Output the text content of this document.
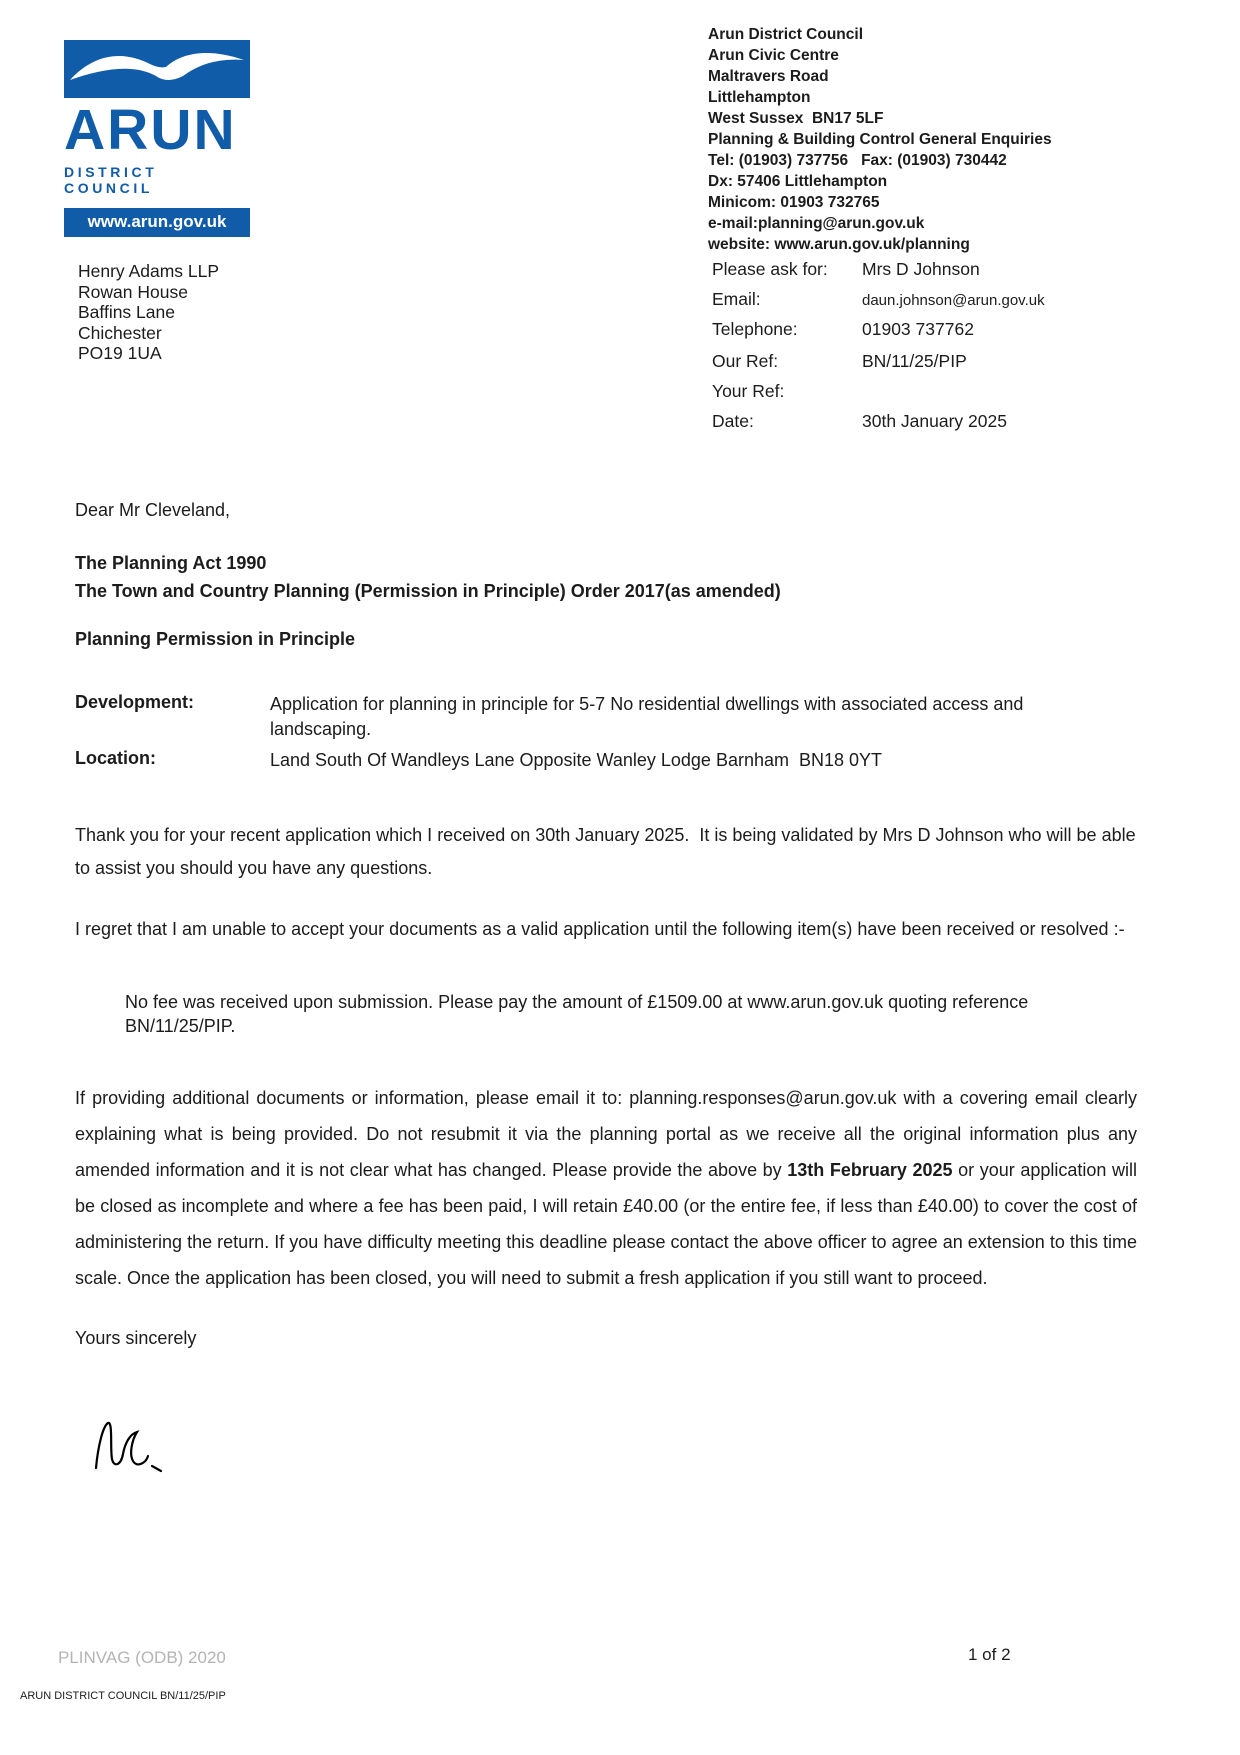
ARUN
DISTRICT COUNCIL
www.arun.gov.uk
Arun District Council
Arun Civic Centre
Maltravers Road
Littlehampton
West Sussex  BN17 5LF
Planning & Building Control General Enquiries
Tel: (01903) 737756   Fax: (01903) 730442
Dx: 57406 Littlehampton
Minicom: 01903 732765
e-mail:planning@arun.gov.uk
website: www.arun.gov.uk/planning
Henry Adams LLP
Rowan House
Baffins Lane
Chichester
PO19 1UA
Please ask for:	Mrs D Johnson
Email:	daun.johnson@arun.gov.uk
Telephone:	01903 737762
Our Ref:	BN/11/25/PIP
Your Ref:
Date:	30th January 2025
Dear Mr Cleveland,
The Planning Act 1990
The Town and Country Planning (Permission in Principle) Order 2017(as amended)
Planning Permission in Principle
Development:	Application for planning in principle for 5-7 No residential dwellings with associated access and landscaping.
Location:	Land South Of Wandleys Lane Opposite Wanley Lodge Barnham  BN18 0YT

Thank you for your recent application which I received on 30th January 2025.  It is being validated by Mrs D Johnson who will be able to assist you should you have any questions.

I regret that I am unable to accept your documents as a valid application until the following item(s) have been received or resolved :-

No fee was received upon submission. Please pay the amount of £1509.00 at www.arun.gov.uk quoting reference BN/11/25/PIP.

If providing additional documents or information, please email it to: planning.responses@arun.gov.uk with a covering email clearly explaining what is being provided. Do not resubmit it via the planning portal as we receive all the original information plus any amended information and it is not clear what has changed. Please provide the above by 13th February 2025 or your application will be closed as incomplete and where a fee has been paid, I will retain £40.00 (or the entire fee, if less than £40.00) to cover the cost of administering the return. If you have difficulty meeting this deadline please contact the above officer to agree an extension to this time scale. Once the application has been closed, you will need to submit a fresh application if you still want to proceed.

Yours sincerely
PLINVAG (ODB) 2020	1 of 2
ARUN DISTRICT COUNCIL BN/11/25/PIP
